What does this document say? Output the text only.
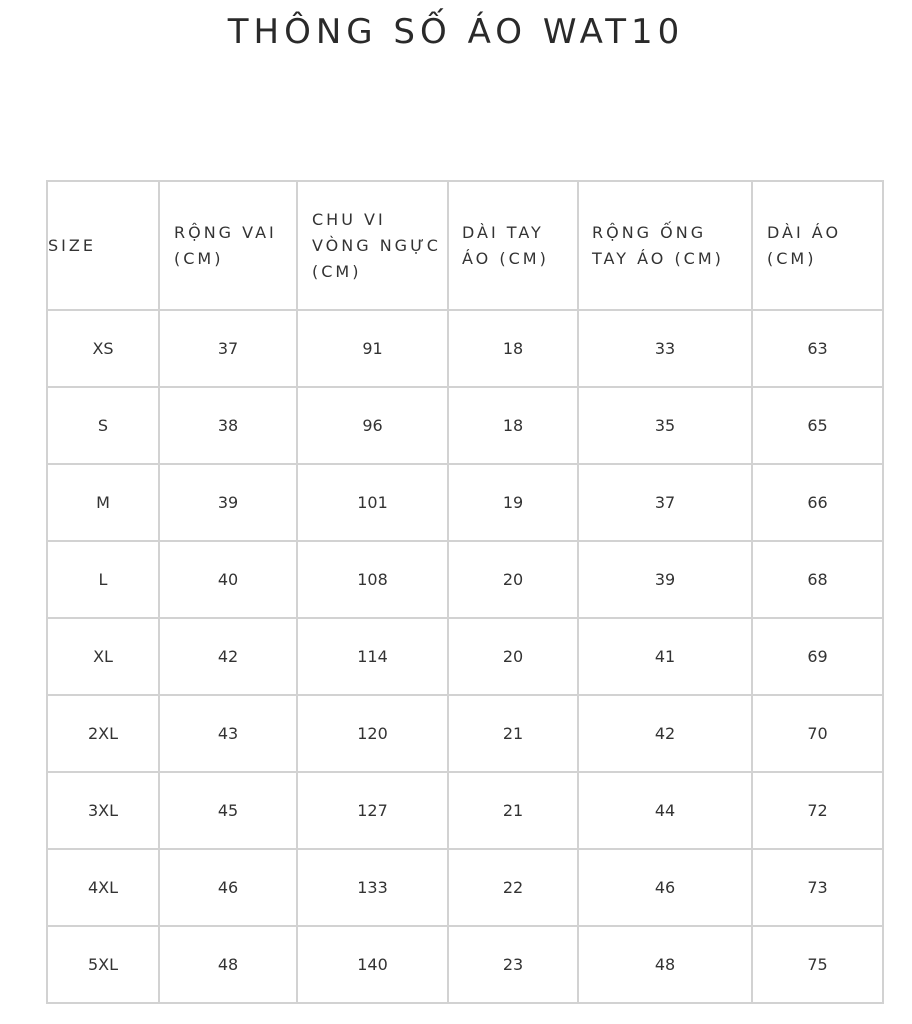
THÔNG SỐ ÁO WAT10
SIZE	RỘNG VAI (CM)	CHU VI VÒNG NGỰC (CM)	DÀI TAY ÁO (CM)	RỘNG ỐNG TAY ÁO (CM)	DÀI ÁO (CM)

XS	37	91	18	33	63
S	38	96	18	35	65
M	39	101	19	37	66
L	40	108	20	39	68
XL	42	114	20	41	69
2XL	43	120	21	42	70
3XL	45	127	21	44	72
4XL	46	133	22	46	73
5XL	48	140	23	48	75
